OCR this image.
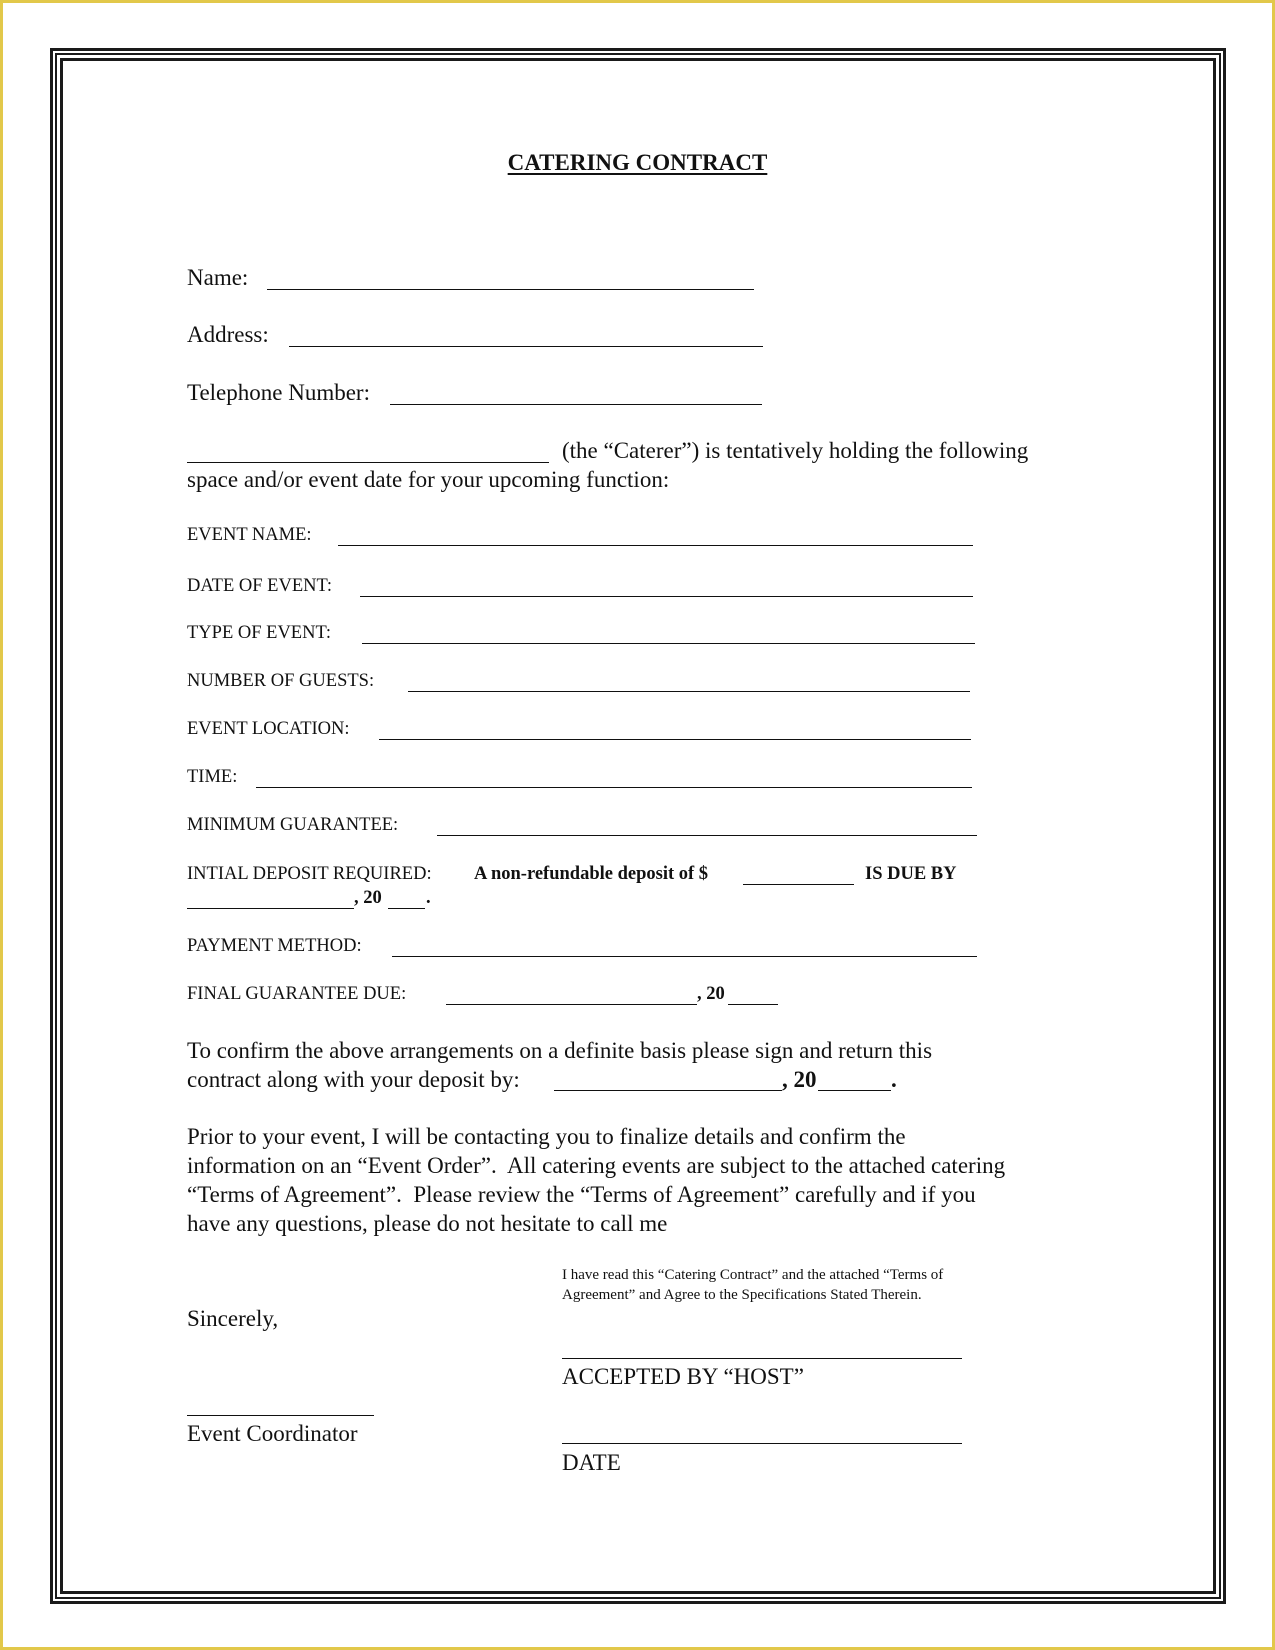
CATERING CONTRACT
Name:
Address:
Telephone Number:
(the “Caterer”) is tentatively holding the following
space and/or event date for your upcoming function:
EVENT NAME:
DATE OF EVENT:
TYPE OF EVENT:
NUMBER OF GUESTS:
EVENT LOCATION:
TIME:
MINIMUM GUARANTEE:
INTIAL DEPOSIT REQUIRED: A non-refundable deposit of $	IS DUE BY
, 20 .
PAYMENT METHOD:
FINAL GUARANTEE DUE:	, 20
To confirm the above arrangements on a definite basis please sign and return this
contract along with your deposit by:	, 20	.
Prior to your event, I will be contacting you to finalize details and confirm the
information on an “Event Order”.  All catering events are subject to the attached catering
“Terms of Agreement”.  Please review the “Terms of Agreement” carefully and if you
have any questions, please do not hesitate to call me
I have read this “Catering Contract” and the attached “Terms of
Agreement” and Agree to the Specifications Stated Therein.
Sincerely,
ACCEPTED BY “HOST”
Event Coordinator
DATE
